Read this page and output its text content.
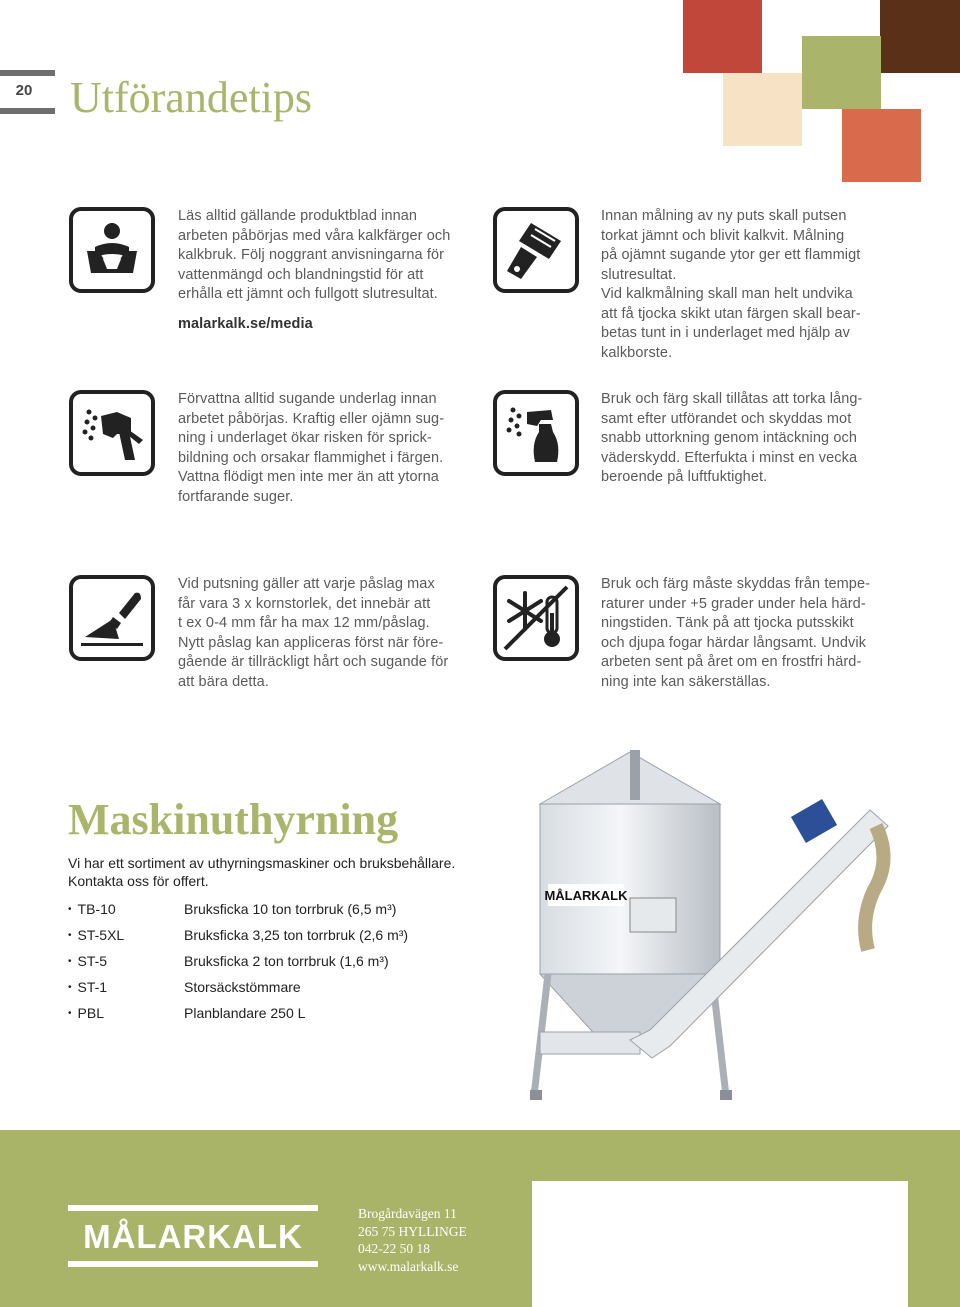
20 Utförandetips

Läs alltid gällande produktblad innan

arbeten påbörjas med våra kalkfärger och

kalkbruk. Följ noggrant anvisningarna för

vattenmängd och blandningstid för att

erhålla ett jämnt och fullgott slutresultat.

malarkalk.se/media

Innan målning av ny puts skall putsen

torkat jämnt och blivit kalkvit. Målning

på ojämnt sugande ytor ger ett flammigt

slutresultat.

Vid kalkmålning skall man helt undvika

att få tjocka skikt utan färgen skall bear-

betas tunt in i underlaget med hjälp av

kalkborste.

Förvattna alltid sugande underlag innan

arbetet påbörjas. Kraftig eller ojämn sug-

ning i underlaget ökar risken för sprick-

bildning och orsakar flammighet i färgen.

Vattna flödigt men inte mer än att ytorna

fortfarande suger.

Bruk och färg skall tillåtas att torka lång-

samt efter utförandet och skyddas mot

snabb uttorkning genom intäckning och

väderskydd. Efterfukta i minst en vecka

beroende på luftfuktighet.

Vid putsning gäller att varje påslag max

får vara 3 x kornstorlek, det innebär att

t ex 0-4 mm får ha max 12 mm/påslag.

Nytt påslag kan appliceras först när före-

gående är tillräckligt hårt och sugande för

att bära detta.

Bruk och färg måste skyddas från tempe-

raturer under +5 grader under hela härd-

ningstiden. Tänk på att tjocka putsskikt

och djupa fogar härdar långsamt. Undvik

arbeten sent på året om en frostfri härd-

ning inte kan säkerställas.

MÅLARKALK
Maskinuthyrning
Vi har ett sortiment av uthyrningsmaskiner och bruksbehållare.
Kontakta oss för offert.
• TB-10	Bruksficka 10 ton torrbruk (6,5 m³)
• ST-5XL	Bruksficka 3,25 ton torrbruk (2,6 m³)
• ST-5	Bruksficka 2 ton torrbruk (1,6 m³)
• ST-1	Storsäckstömmare
• PBL	Planblandare 250 L
MÅLARKALK
Brogårdavägen 11
265 75 HYLLINGE
042-22 50 18
www.malarkalk.se
